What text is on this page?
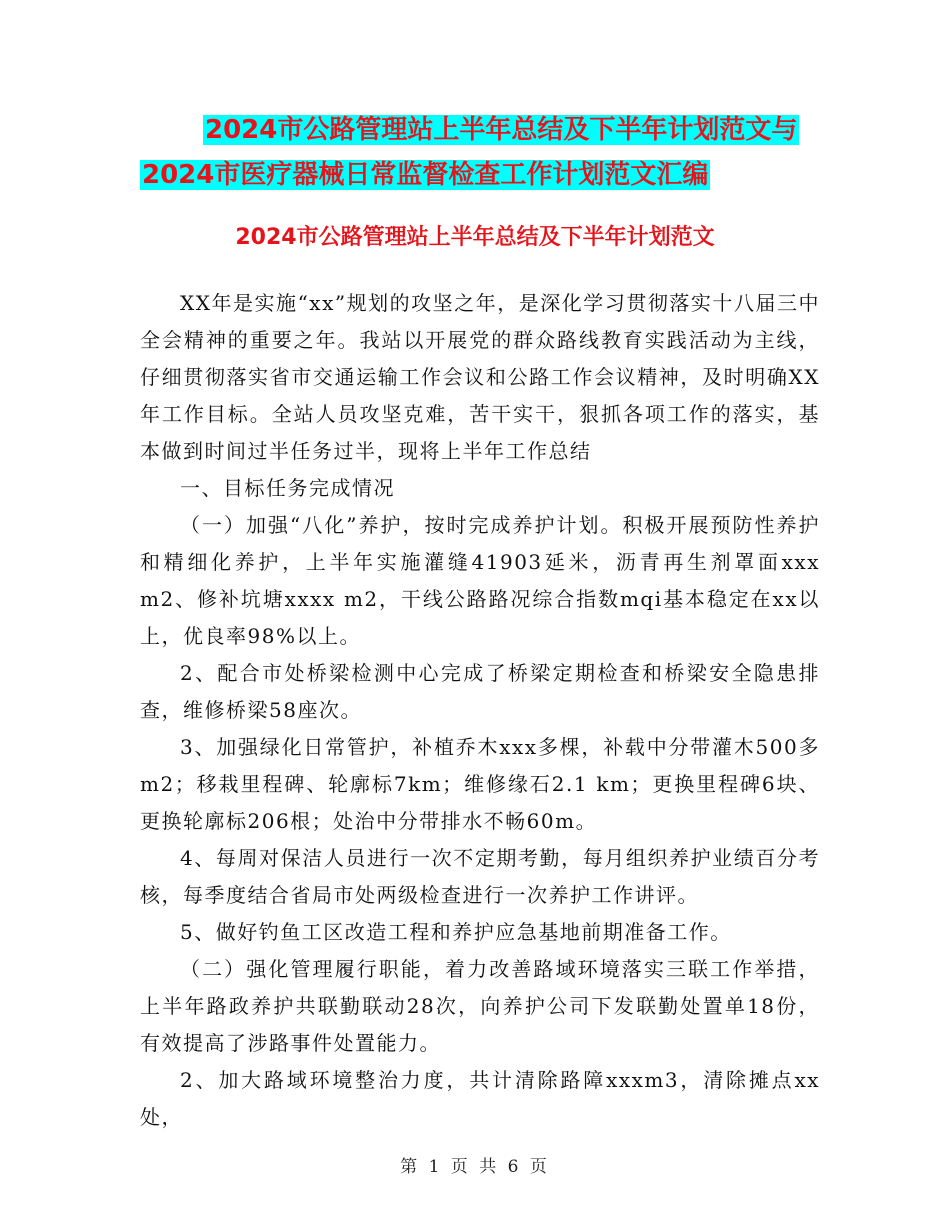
2024市公路管理站上半年总结及下半年计划范文与
2024市医疗器械日常监督检查工作计划范文汇编
2024市公路管理站上半年总结及下半年计划范文

XX年是实施“xx”规划的攻坚之年，是深化学习贯彻落实十八届三中全会精神的重要之年。我站以开展党的群众路线教育实践活动为主线，仔细贯彻落实省市交通运输工作会议和公路工作会议精神，及时明确XX年工作目标。全站人员攻坚克难，苦干实干，狠抓各项工作的落实，基本做到时间过半任务过半，现将上半年工作总结

一、目标任务完成情况

（一）加强“八化”养护，按时完成养护计划。积极开展预防性养护和精细化养护，上半年实施灌缝41903延米，沥青再生剂罩面xxx m2、修补坑塘xxxx m2，干线公路路况综合指数mqi基本稳定在xx以上，优良率98%以上。

2、配合市处桥梁检测中心完成了桥梁定期检查和桥梁安全隐患排查，维修桥梁58座次。

3、加强绿化日常管护，补植乔木xxx多棵，补载中分带灌木500多m2；移栽里程碑、轮廓标7km；维修缘石2.1 km；更换里程碑6块、更换轮廓标206根；处治中分带排水不畅60m。

4、每周对保洁人员进行一次不定期考勤，每月组织养护业绩百分考核，每季度结合省局市处两级检查进行一次养护工作讲评。

5、做好钓鱼工区改造工程和养护应急基地前期准备工作。

（二）强化管理履行职能，着力改善路域环境落实三联工作举措，上半年路政养护共联勤联动28次，向养护公司下发联勤处置单18份，有效提高了涉路事件处置能力。

2、加大路域环境整治力度，共计清除路障xxxm3，清除摊点xx处，

第 1 页 共 6 页
